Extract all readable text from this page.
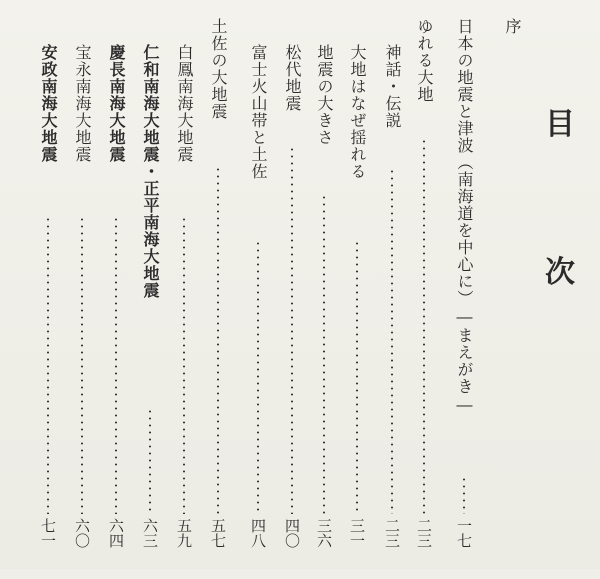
目
次
序
日本の地震と津波（南海道を中心に）―まえがき―
一七
ゆれる大地
二三
神話・伝説
二三
大地はなぜ揺れる
三一
地震の大きさ
三六
松代地震
四〇
富士火山帯と土佐
四八
土佐の大地震
五七
白鳳南海大地震
五九
仁和南海大地震・正平南海大地震
六三
慶長南海大地震
六四
宝永南海大地震
六〇
安政南海大地震
七一
